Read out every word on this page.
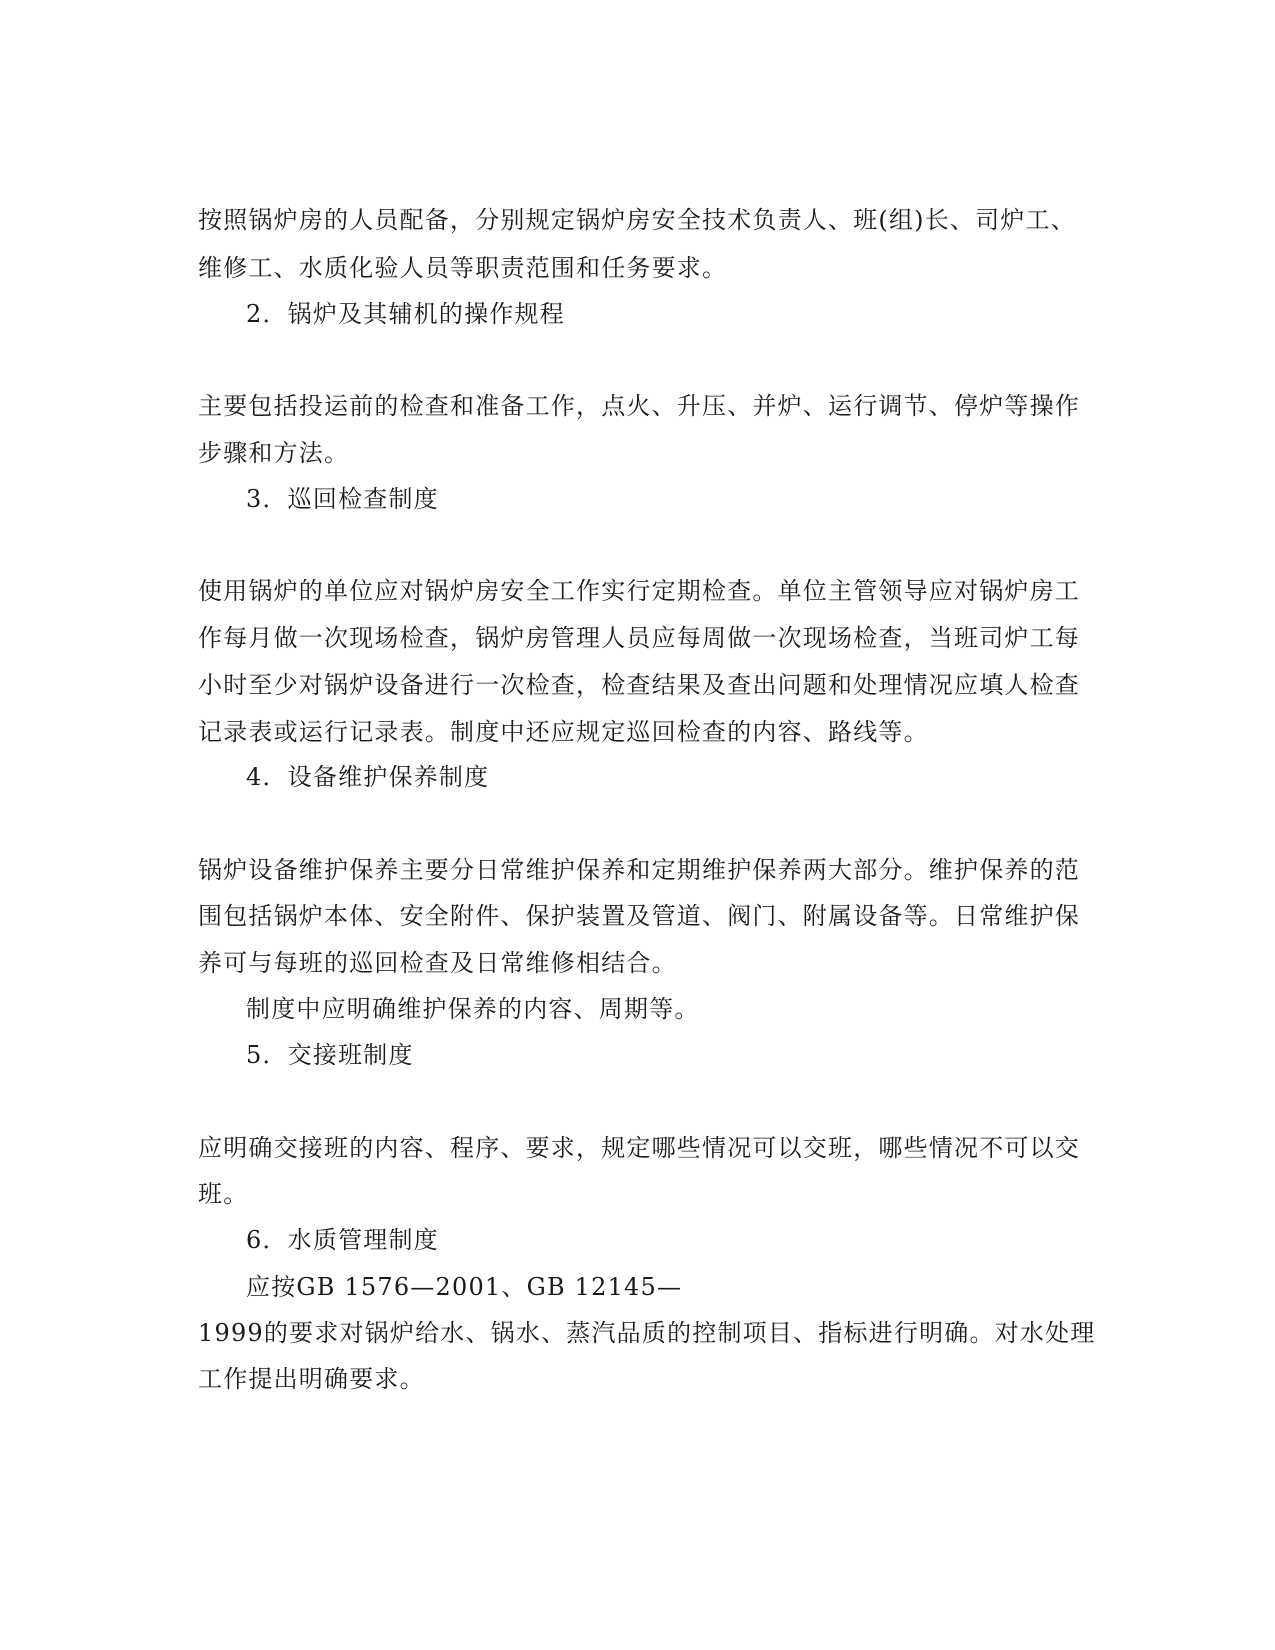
按照锅炉房的人员配备，分别规定锅炉房安全技术负责人、班(组)长、司炉工、
维修工、水质化验人员等职责范围和任务要求。
2．锅炉及其辅机的操作规程
主要包括投运前的检查和准备工作，点火、升压、并炉、运行调节、停炉等操作
步骤和方法。
3．巡回检查制度
使用锅炉的单位应对锅炉房安全工作实行定期检查。单位主管领导应对锅炉房工
作每月做一次现场检查，锅炉房管理人员应每周做一次现场检查，当班司炉工每
小时至少对锅炉设备进行一次检查，检查结果及查出问题和处理情况应填人检查
记录表或运行记录表。制度中还应规定巡回检查的内容、路线等。
4．设备维护保养制度
锅炉设备维护保养主要分日常维护保养和定期维护保养两大部分。维护保养的范
围包括锅炉本体、安全附件、保护装置及管道、阀门、附属设备等。日常维护保
养可与每班的巡回检查及日常维修相结合。
制度中应明确维护保养的内容、周期等。
5．交接班制度
应明确交接班的内容、程序、要求，规定哪些情况可以交班，哪些情况不可以交
班。
6．水质管理制度
应按GB 1576—2001、GB 12145—
1999的要求对锅炉给水、锅水、蒸汽品质的控制项目、指标进行明确。对水处理
工作提出明确要求。
